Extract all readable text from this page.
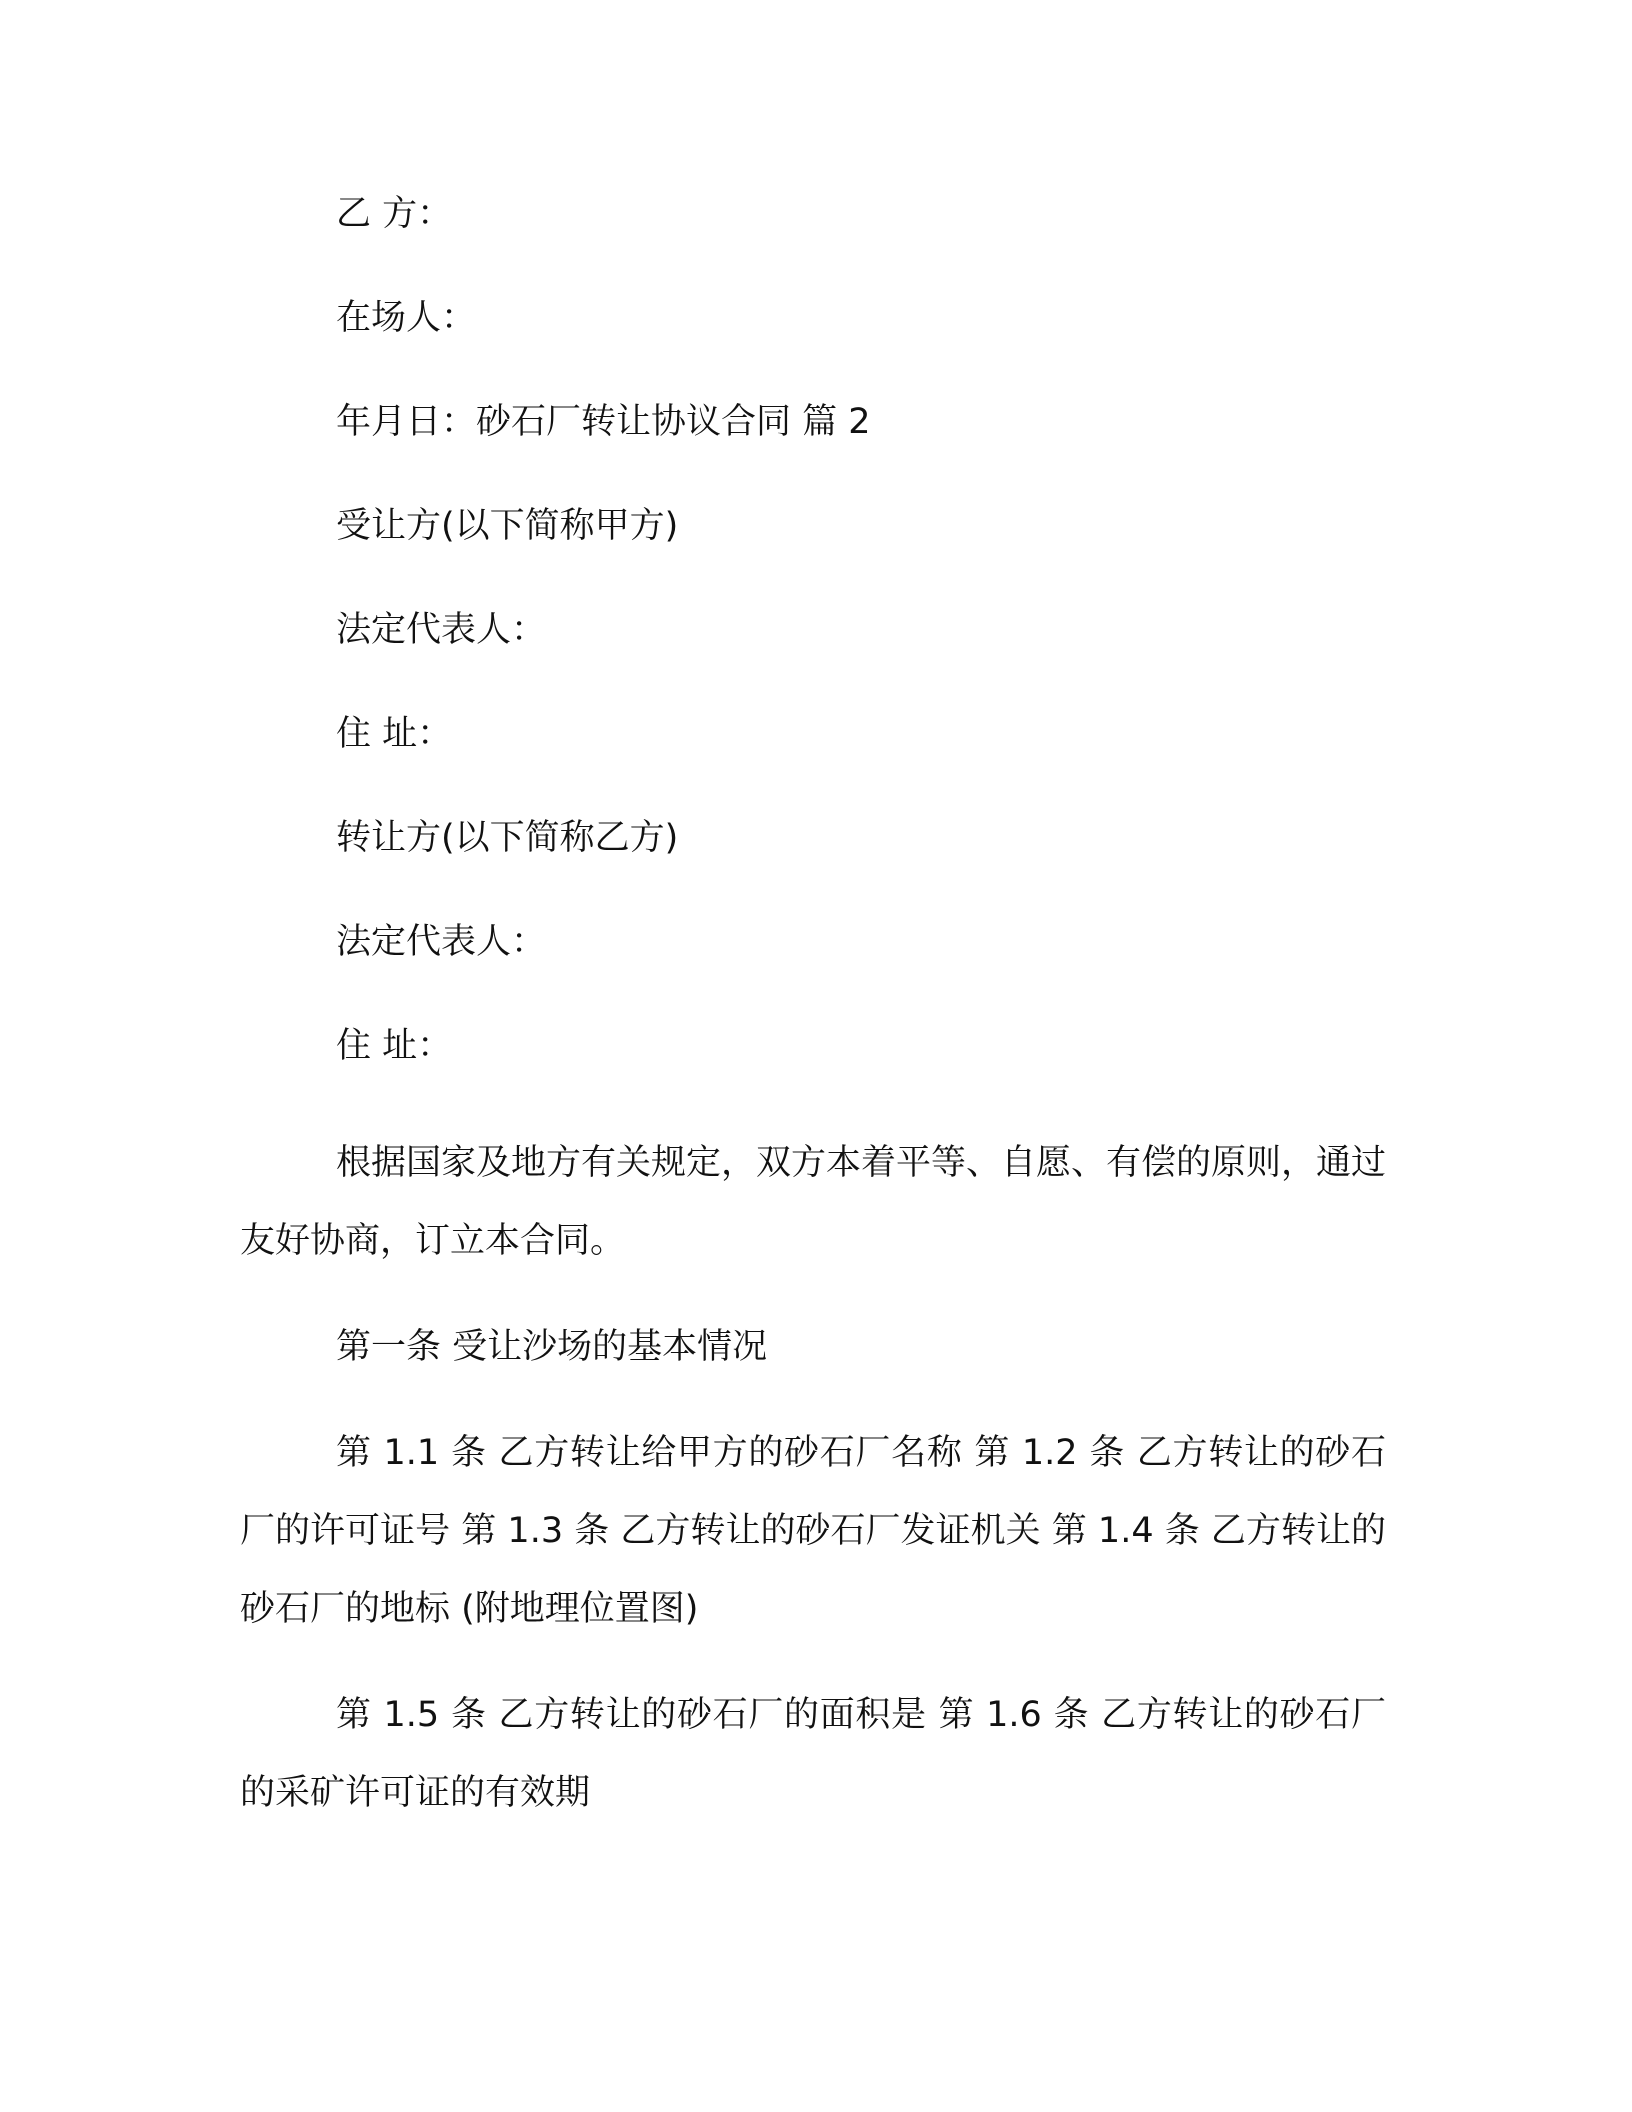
乙 方：

在场人：

年月日：砂石厂转让协议合同 篇 2

受让方(以下简称甲方)

法定代表人：

住 址：

转让方(以下简称乙方)

法定代表人：

住 址：

根据国家及地方有关规定，双方本着平等、自愿、有偿的原则，通过友好协商，订立本合同。

第一条 受让沙场的基本情况

第 1.1 条 乙方转让给甲方的砂石厂名称 第 1.2 条 乙方转让的砂石厂的许可证号 第 1.3 条 乙方转让的砂石厂发证机关 第 1.4 条 乙方转让的砂石厂的地标 (附地理位置图)

第 1.5 条 乙方转让的砂石厂的面积是 第 1.6 条 乙方转让的砂石厂的采矿许可证的有效期
